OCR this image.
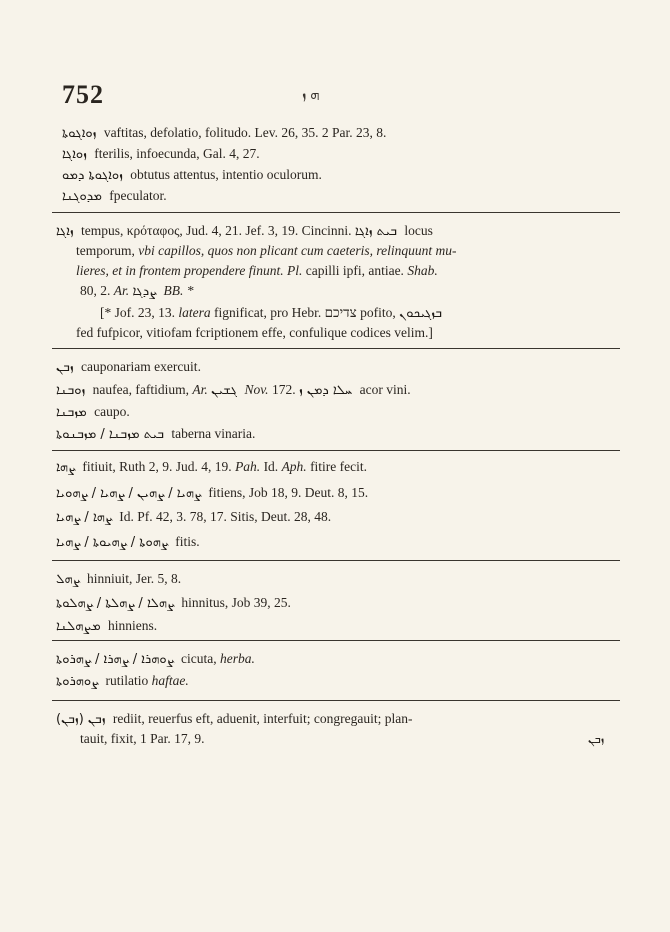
752	ܗ ܙ
ܙܘܐܓܘܬܐ vaftitas, defolatio, folitudo. Lev. 26, 35. 2 Par. 23, 8.
ܙܘܐܓܐ fterilis, infoecunda, Gal. 4, 27.
ܙܘܐܓܘܬܐ ܕܡܘ obtutus attentus, intentio oculorum.
ܡܕܘܓܢܐ fpeculator.
ܙܐܓܐ tempus, κρόταφος, Jud. 4, 21. Jef. 3, 19. Cincinni. ܒܝܬ ܙܐܓܐ locus
temporum, vbi capillos, quos non plicant cum caeteris, relinquunt mu-
lieres, et in frontem propendere finunt. Pl. capilli ipfi, antiae. Shab.
80, 2. Ar. ܨܕܓܐ BB. *
[* Jof. 23, 13. latera fignificat, pro Hebr. צדיכם pofito, ܒܙܓܝܟܘܢ
fed fufpicor, vitiofam fcriptionem effe, confulique codices velim.]
ܙܒܢ cauponariam exercuit.
ܙܘܒܢܐ naufea, faftidium, Ar. ܓܫܝܢ Nov. 172. ܚܠܐ ܕܡܢ ܙ acor vini.
ܡܙܒܢܐ caupo.
ܒܝܬ ܡܙܒܢܐ / ܡܙܒܢܘܬܐ taberna vinaria.
ܨܗܐ fitiuit, Ruth 2, 9. Jud. 4, 19. Pah. Id. Aph. fitire fecit.
ܨܗܝܐ / ܨܗܝܢ / ܨܗܝܐ / ܨܗܘܝܐ fitiens, Job 18, 9. Deut. 8, 15.
ܨܗܐ / ܨܗܝܐ Id. Pf. 42, 3. 78, 17. Sitis, Deut. 28, 48.
ܨܗܘܬܐ / ܨܗܝܘܬܐ / ܨܗܝܐ fitis.
ܨܗܠ hinniuit, Jer. 5, 8.
ܨܗܠܐ / ܨܗܠܬܐ / ܨܗܠܘܬܐ hinnitus, Job 39, 25.
ܡܨܗܠܢܐ hinniens.
ܨܘܗܪܐ / ܨܗܪܐ / ܨܗܪܘܬܐ cicuta, herba.
ܨܘܗܪܘܬܐ rutilatio haftae.
(ܙܒܢ) ܙܒܢ rediit, reuerfus eft, aduenit, interfuit; congregauit; plan-
tauit, fixit, 1 Par. 17, 9.	ܙܒܢ
